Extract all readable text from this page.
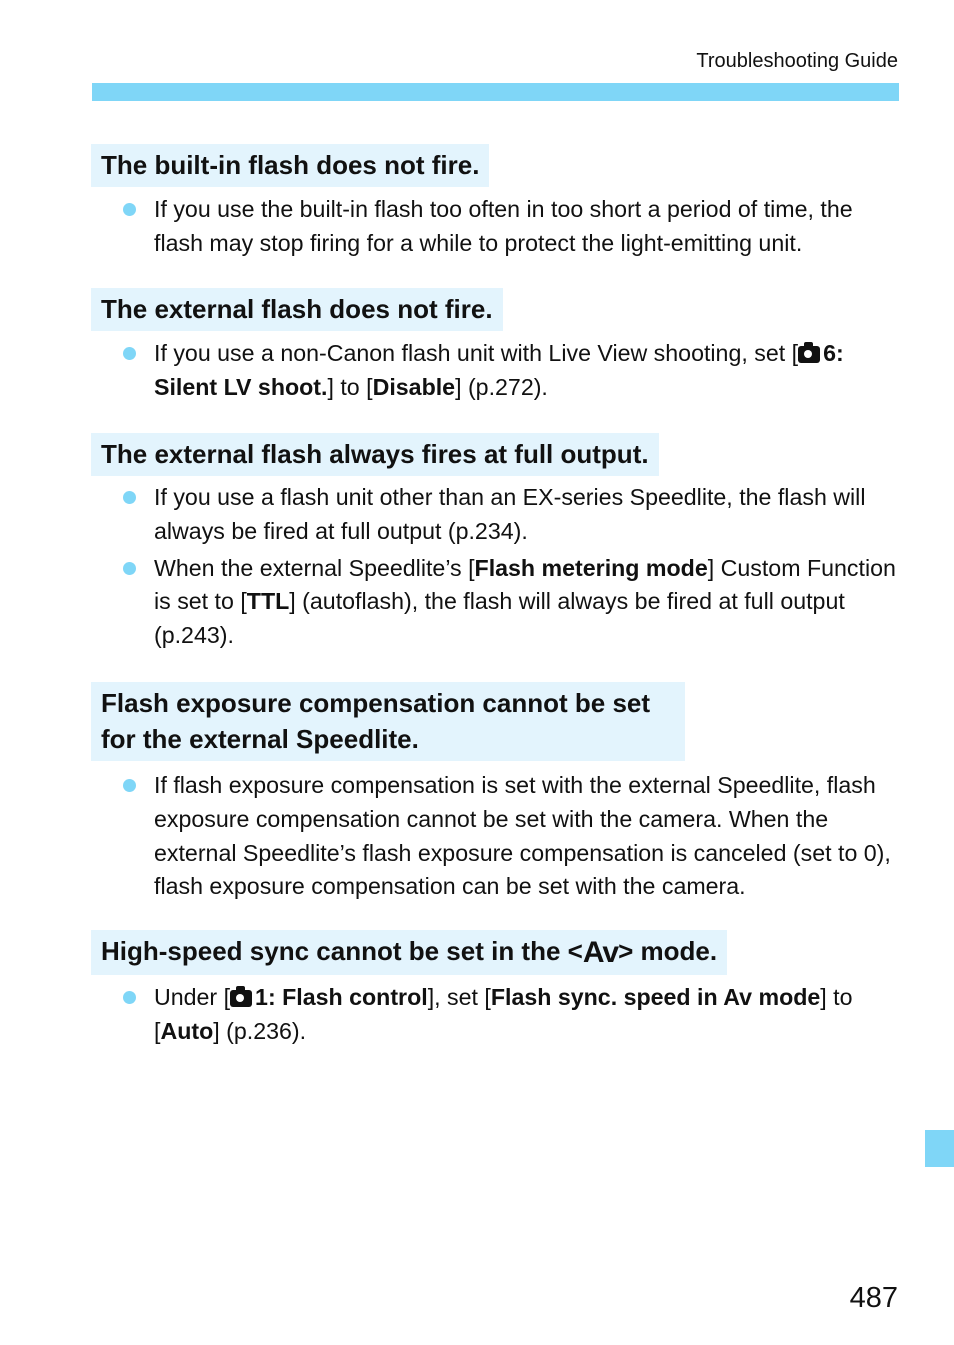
Troubleshooting Guide
The built-in flash does not fire.
If you use the built-in flash too often in too short a period of time, the flash may stop firing for a while to protect the light-emitting unit.
The external flash does not fire.
If you use a non-Canon flash unit with Live View shooting, set [ 6: Silent LV shoot.] to [Disable] (p.272).
The external flash always fires at full output.
If you use a flash unit other than an EX-series Speedlite, the flash will always be fired at full output (p.234).
When the external Speedlite’s [Flash metering mode] Custom Function is set to [TTL] (autoflash), the flash will always be fired at full output (p.243).
Flash exposure compensation cannot be set
for the external Speedlite.
If flash exposure compensation is set with the external Speedlite, flash exposure compensation cannot be set with the camera. When the external Speedlite’s flash exposure compensation is canceled (set to 0), flash exposure compensation can be set with the camera.
High-speed sync cannot be set in the <Av> mode.
Under [ 1: Flash control], set [Flash sync. speed in Av mode] to [Auto] (p.236).
487
